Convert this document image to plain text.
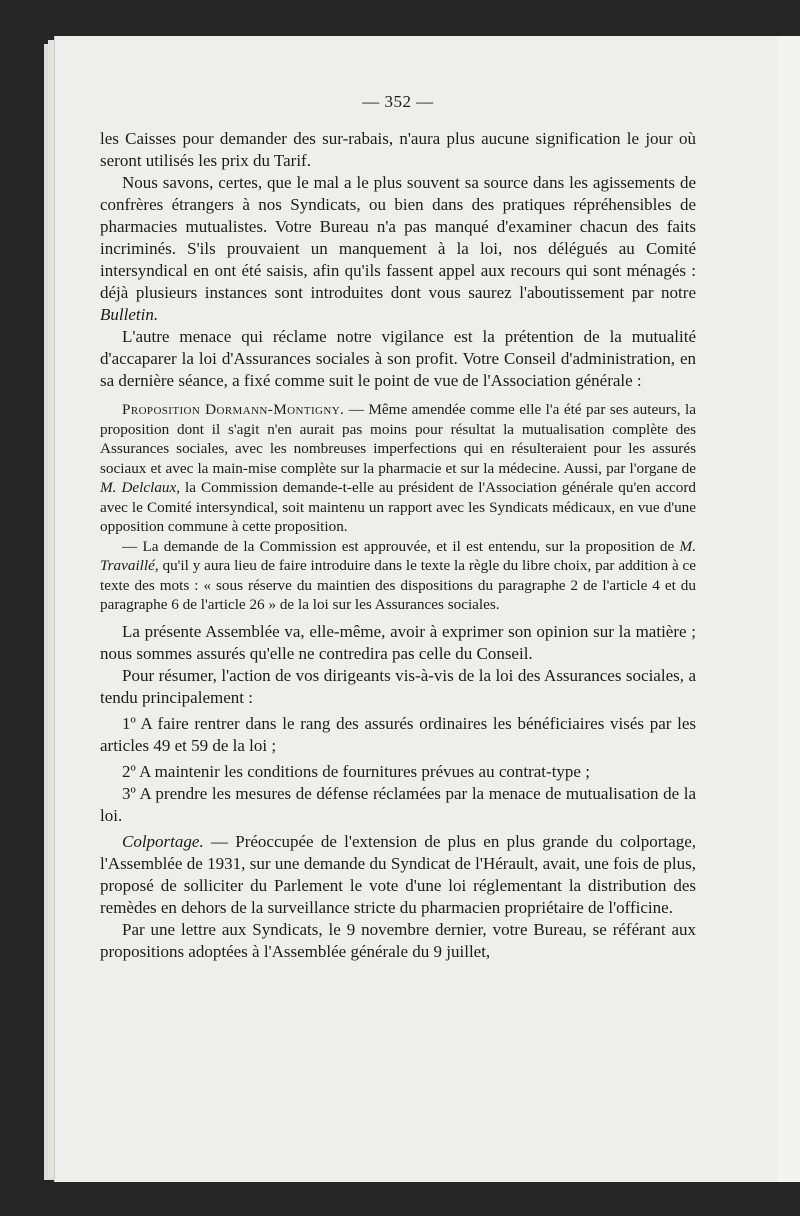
— 352 —

les Caisses pour demander des sur-rabais, n'aura plus aucune signification le jour où seront utilisés les prix du Tarif.

Nous savons, certes, que le mal a le plus souvent sa source dans les agissements de confrères étrangers à nos Syndicats, ou bien dans des pratiques répréhensibles de pharmacies mutualistes. Votre Bureau n'a pas manqué d'examiner chacun des faits incriminés. S'ils prouvaient un manquement à la loi, nos délégués au Comité intersyndical en ont été saisis, afin qu'ils fassent appel aux recours qui sont ménagés : déjà plusieurs instances sont introduites dont vous saurez l'aboutissement par notre Bulletin.

L'autre menace qui réclame notre vigilance est la prétention de la mutualité d'accaparer la loi d'Assurances sociales à son profit. Votre Conseil d'administration, en sa dernière séance, a fixé comme suit le point de vue de l'Association générale :

Proposition Dormann-Montigny. — Même amendée comme elle l'a été par ses auteurs, la proposition dont il s'agit n'en aurait pas moins pour résultat la mutualisation complète des Assurances sociales, avec les nombreuses imperfections qui en résulteraient pour les assurés sociaux et avec la main-mise complète sur la pharmacie et sur la médecine. Aussi, par l'organe de M. Delclaux, la Commission demande-t-elle au président de l'Association générale qu'en accord avec le Comité intersyndical, soit maintenu un rapport avec les Syndicats médicaux, en vue d'une opposition commune à cette proposition.

— La demande de la Commission est approuvée, et il est entendu, sur la proposition de M. Travaillé, qu'il y aura lieu de faire introduire dans le texte la règle du libre choix, par addition à ce texte des mots : « sous réserve du maintien des dispositions du paragraphe 2 de l'article 4 et du paragraphe 6 de l'article 26 » de la loi sur les Assurances sociales.

La présente Assemblée va, elle-même, avoir à exprimer son opinion sur la matière ; nous sommes assurés qu'elle ne contredira pas celle du Conseil.

Pour résumer, l'action de vos dirigeants vis-à-vis de la loi des Assurances sociales, a tendu principalement :

1º A faire rentrer dans le rang des assurés ordinaires les bénéficiaires visés par les articles 49 et 59 de la loi ;

2º A maintenir les conditions de fournitures prévues au contrat-type ;

3º A prendre les mesures de défense réclamées par la menace de mutualisation de la loi.

Colportage. — Préoccupée de l'extension de plus en plus grande du colportage, l'Assemblée de 1931, sur une demande du Syndicat de l'Hérault, avait, une fois de plus, proposé de solliciter du Parlement le vote d'une loi réglementant la distribution des remèdes en dehors de la surveillance stricte du pharmacien propriétaire de l'officine.

Par une lettre aux Syndicats, le 9 novembre dernier, votre Bureau, se référant aux propositions adoptées à l'Assemblée générale du 9 juillet,
